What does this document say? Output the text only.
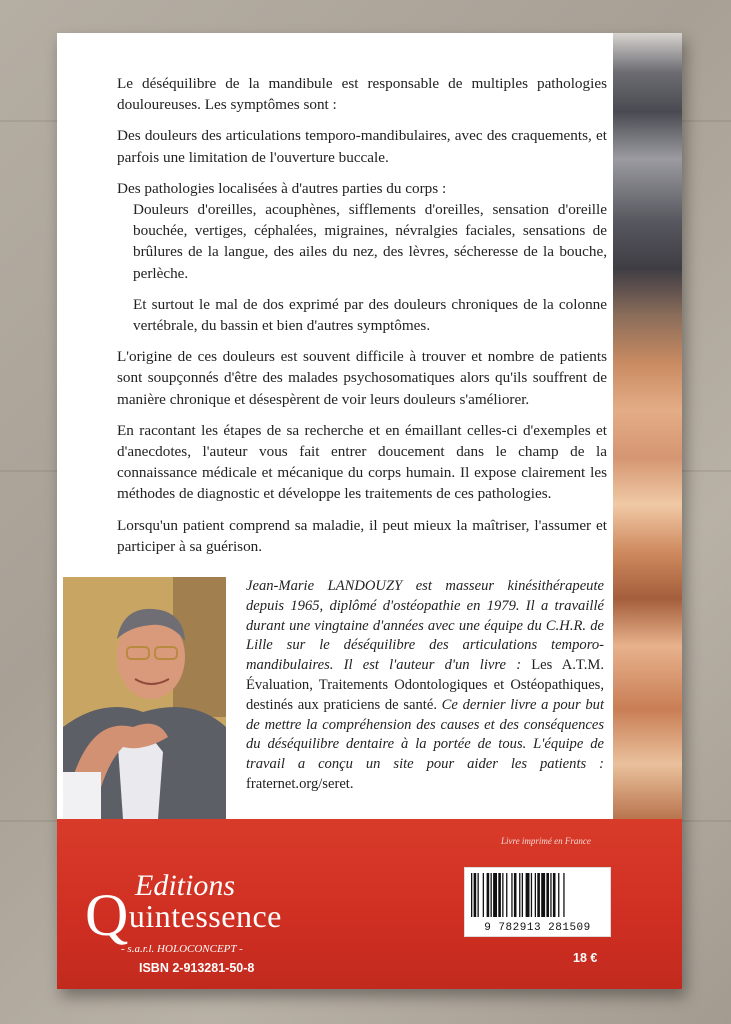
Le déséquilibre de la mandibule est responsable de multiples pathologies douloureuses. Les symptômes sont :

Des douleurs des articulations temporo-mandibulaires, avec des craquements, et parfois une limitation de l'ouverture buccale.

Des pathologies localisées à d'autres parties du corps :

Douleurs d'oreilles, acouphènes, sifflements d'oreilles, sensation d'oreille bouchée, vertiges, céphalées, migraines, névralgies faciales, sensations de brûlures de la langue, des ailes du nez, des lèvres, sécheresse de la bouche, perlèche.

Et surtout le mal de dos exprimé par des douleurs chroniques de la colonne vertébrale, du bassin et bien d'autres symptômes.

L'origine de ces douleurs est souvent difficile à trouver et nombre de patients sont soupçonnés d'être des malades psychosomatiques alors qu'ils souffrent de manière chronique et désespèrent de voir leurs douleurs s'améliorer.

En racontant les étapes de sa recherche et en émaillant celles-ci d'exemples et d'anecdotes, l'auteur vous fait entrer doucement dans le champ de la connaissance médicale et mécanique du corps humain. Il expose clairement les méthodes de diagnostic et développe les traitements de ces pathologies.

Lorsqu'un patient comprend sa maladie, il peut mieux la maîtriser, l'assumer et participer à sa guérison.

Jean-Marie LANDOUZY est masseur kinésithérapeute depuis 1965, diplômé d'ostéopathie en 1979. Il a travaillé durant une vingtaine d'années avec une équipe du C.H.R. de Lille sur le déséquilibre des articulations temporo-mandibulaires. Il est l'auteur d'un livre : Les A.T.M. Évaluation, Traitements Odontologiques et Ostéopathiques, destinés aux praticiens de santé. Ce dernier livre a pour but de mettre la compréhension des causes et des conséquences du déséquilibre dentaire à la portée de tous. L'équipe de travail a conçu un site pour aider les patients : fraternet.org/seret.
Livre imprimé en France
Editions
Quintessence
- s.a.r.l. HOLOCONCEPT -
ISBN 2-913281-50-8
9 782913 281509
18 €
